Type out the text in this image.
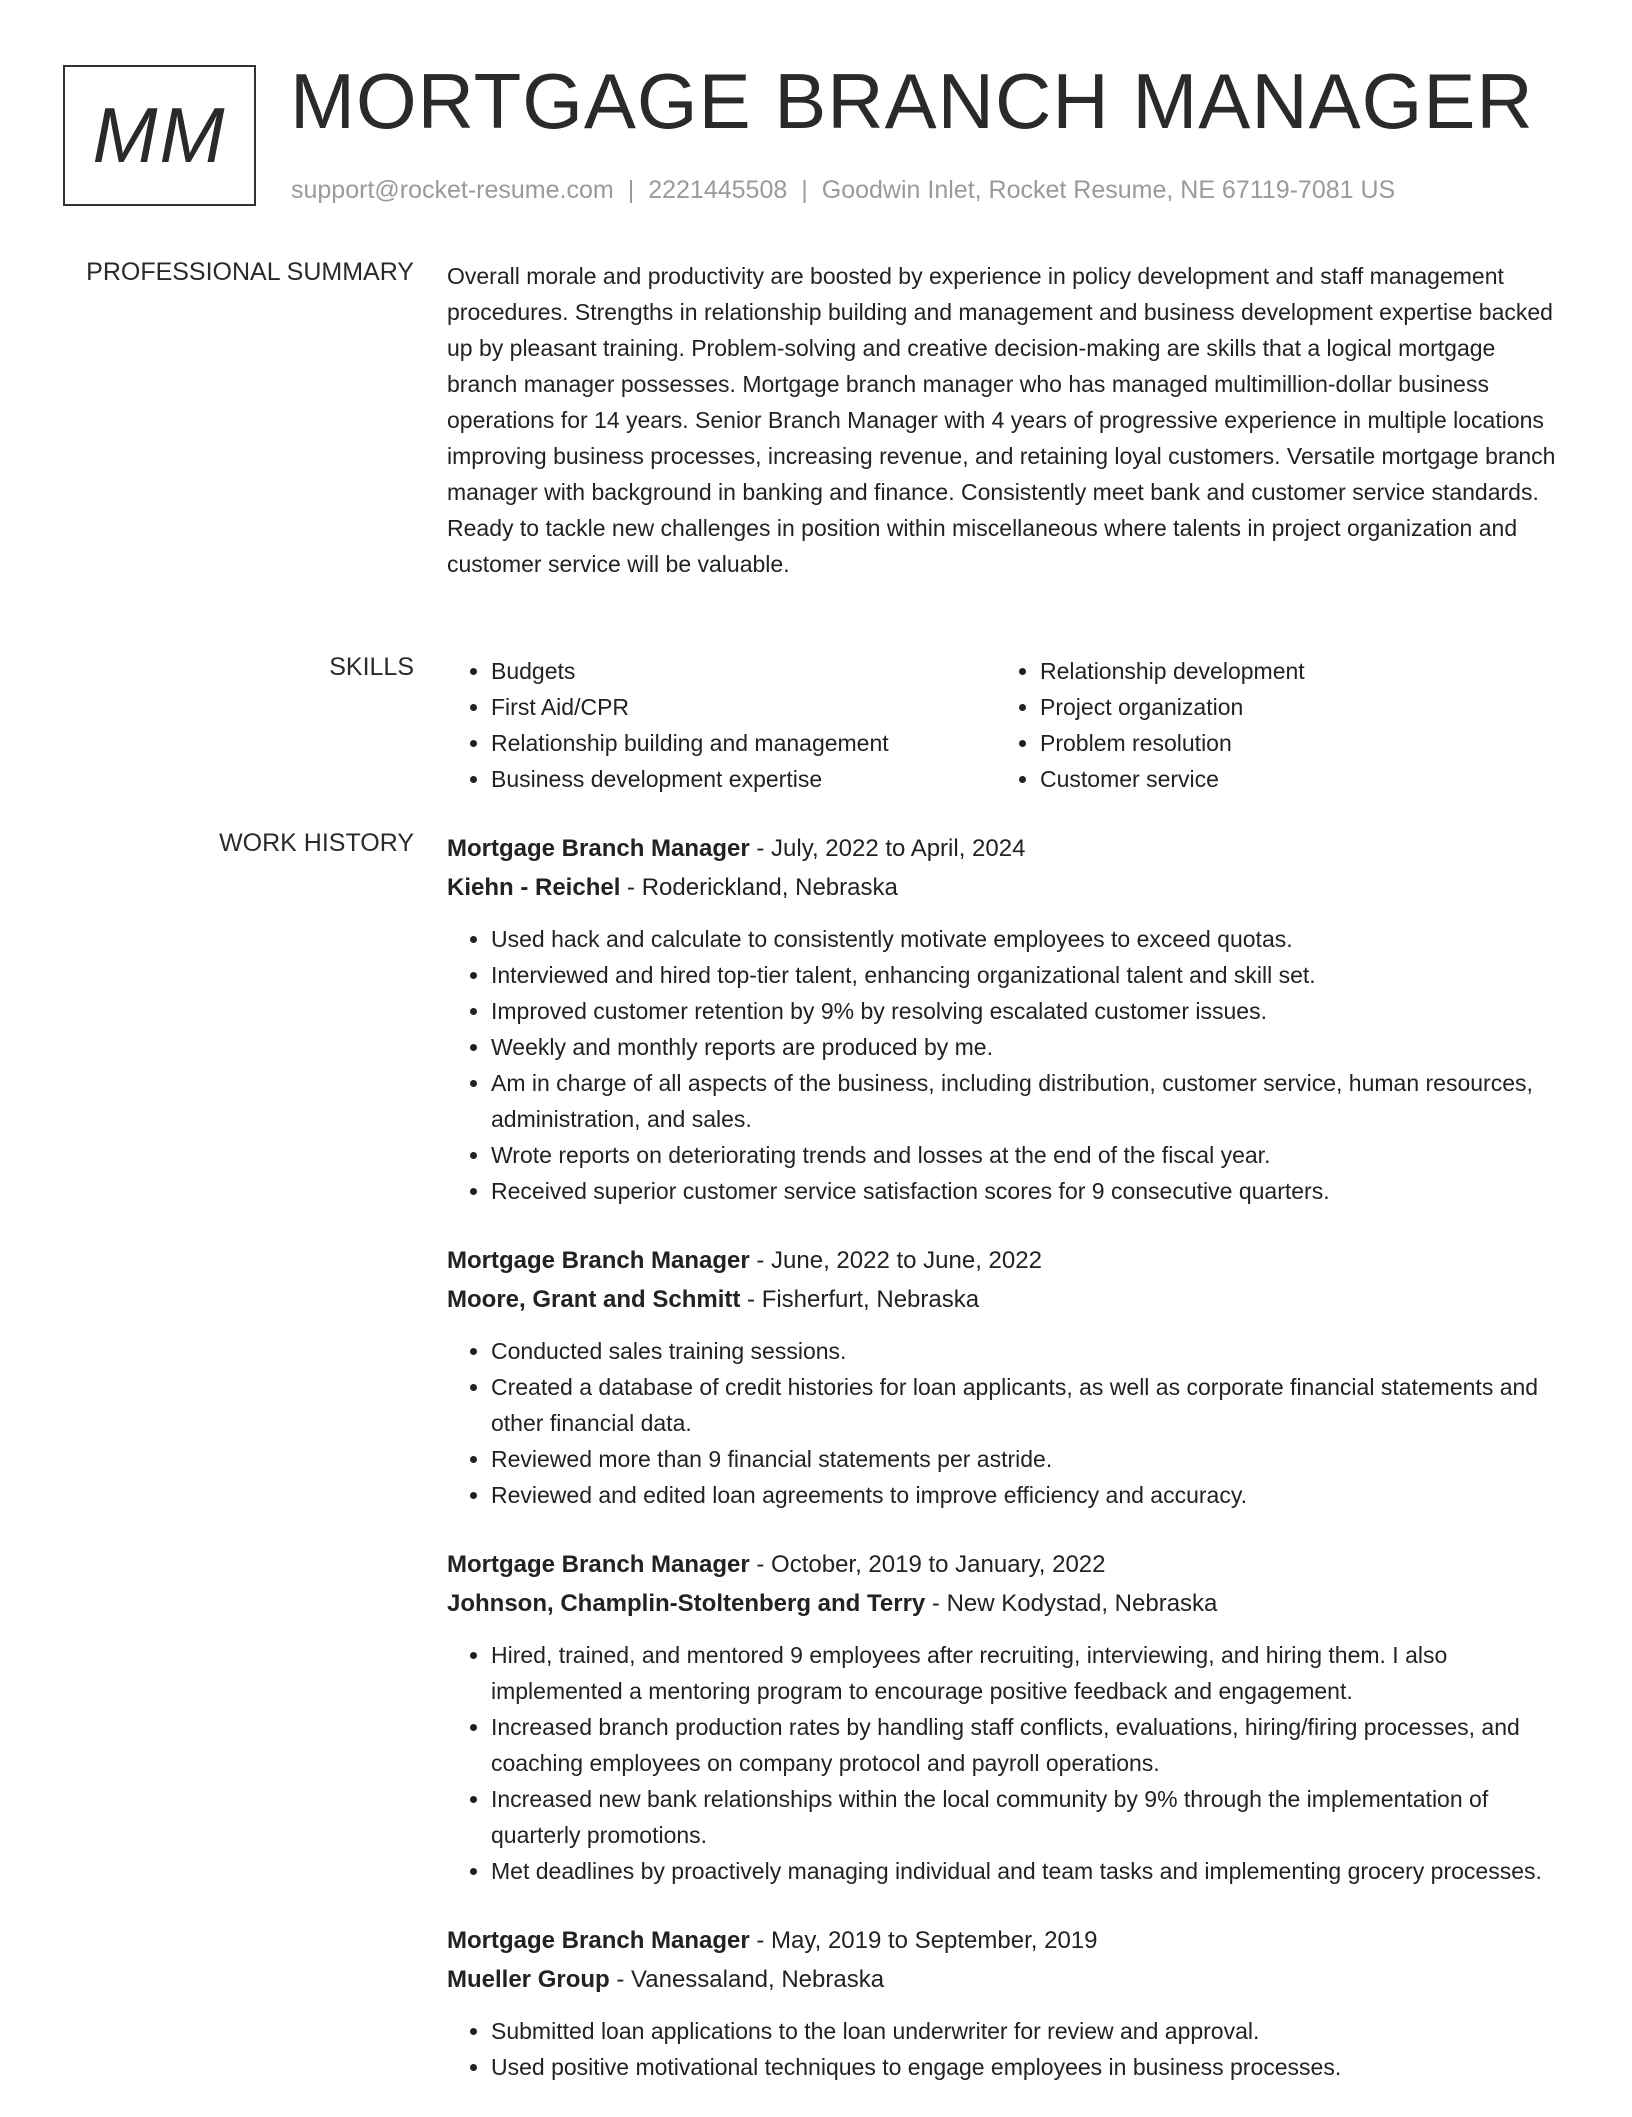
MM MORTGAGE BRANCH MANAGER
support@rocket-resume.com | 2221445508 | Goodwin Inlet, Rocket Resume, NE 67119-7081 US
PROFESSIONAL SUMMARY Overall morale and productivity are boosted by experience in policy development and staff management procedures. Strengths in relationship building and management and business development expertise backed up by pleasant training. Problem-solving and creative decision-making are skills that a logical mortgage branch manager possesses. Mortgage branch manager who has managed multimillion-dollar business operations for 14 years. Senior Branch Manager with 4 years of progressive experience in multiple locations improving business processes, increasing revenue, and retaining loyal customers. Versatile mortgage branch manager with background in banking and finance. Consistently meet bank and customer service standards. Ready to tackle new challenges in position within miscellaneous where talents in project organization and customer service will be valuable.

SKILLS
•	Budgets
• First Aid/CPR
• Relationship building and management
• Business development expertise
• Relationship development
• Project organization
• Problem resolution
• Customer service
WORK HISTORY Mortgage Branch Manager - July, 2022 to April, 2024
Kiehn - Reichel - Roderickland, Nebraska
• Used hack and calculate to consistently motivate employees to exceed quotas.
• Interviewed and hired top-tier talent, enhancing organizational talent and skill set.
• Improved customer retention by 9% by resolving escalated customer issues.
• Weekly and monthly reports are produced by me.
• Am in charge of all aspects of the business, including distribution, customer service, human resources, administration, and sales.
• Wrote reports on deteriorating trends and losses at the end of the fiscal year.
• Received superior customer service satisfaction scores for 9 consecutive quarters.
Mortgage Branch Manager - June, 2022 to June, 2022
Moore, Grant and Schmitt - Fisherfurt, Nebraska
• Conducted sales training sessions.
• Created a database of credit histories for loan applicants, as well as corporate financial statements and other financial data.
• Reviewed more than 9 financial statements per astride.
• Reviewed and edited loan agreements to improve efficiency and accuracy.
Mortgage Branch Manager - October, 2019 to January, 2022
Johnson, Champlin-Stoltenberg and Terry - New Kodystad, Nebraska
• Hired, trained, and mentored 9 employees after recruiting, interviewing, and hiring them. I also implemented a mentoring program to encourage positive feedback and engagement.
• Increased branch production rates by handling staff conflicts, evaluations, hiring/firing processes, and coaching employees on company protocol and payroll operations.
• Increased new bank relationships within the local community by 9% through the implementation of quarterly promotions.
• Met deadlines by proactively managing individual and team tasks and implementing grocery processes.
Mortgage Branch Manager - May, 2019 to September, 2019
Mueller Group - Vanessaland, Nebraska
• Submitted loan applications to the loan underwriter for review and approval.
• Used positive motivational techniques to engage employees in business processes.
